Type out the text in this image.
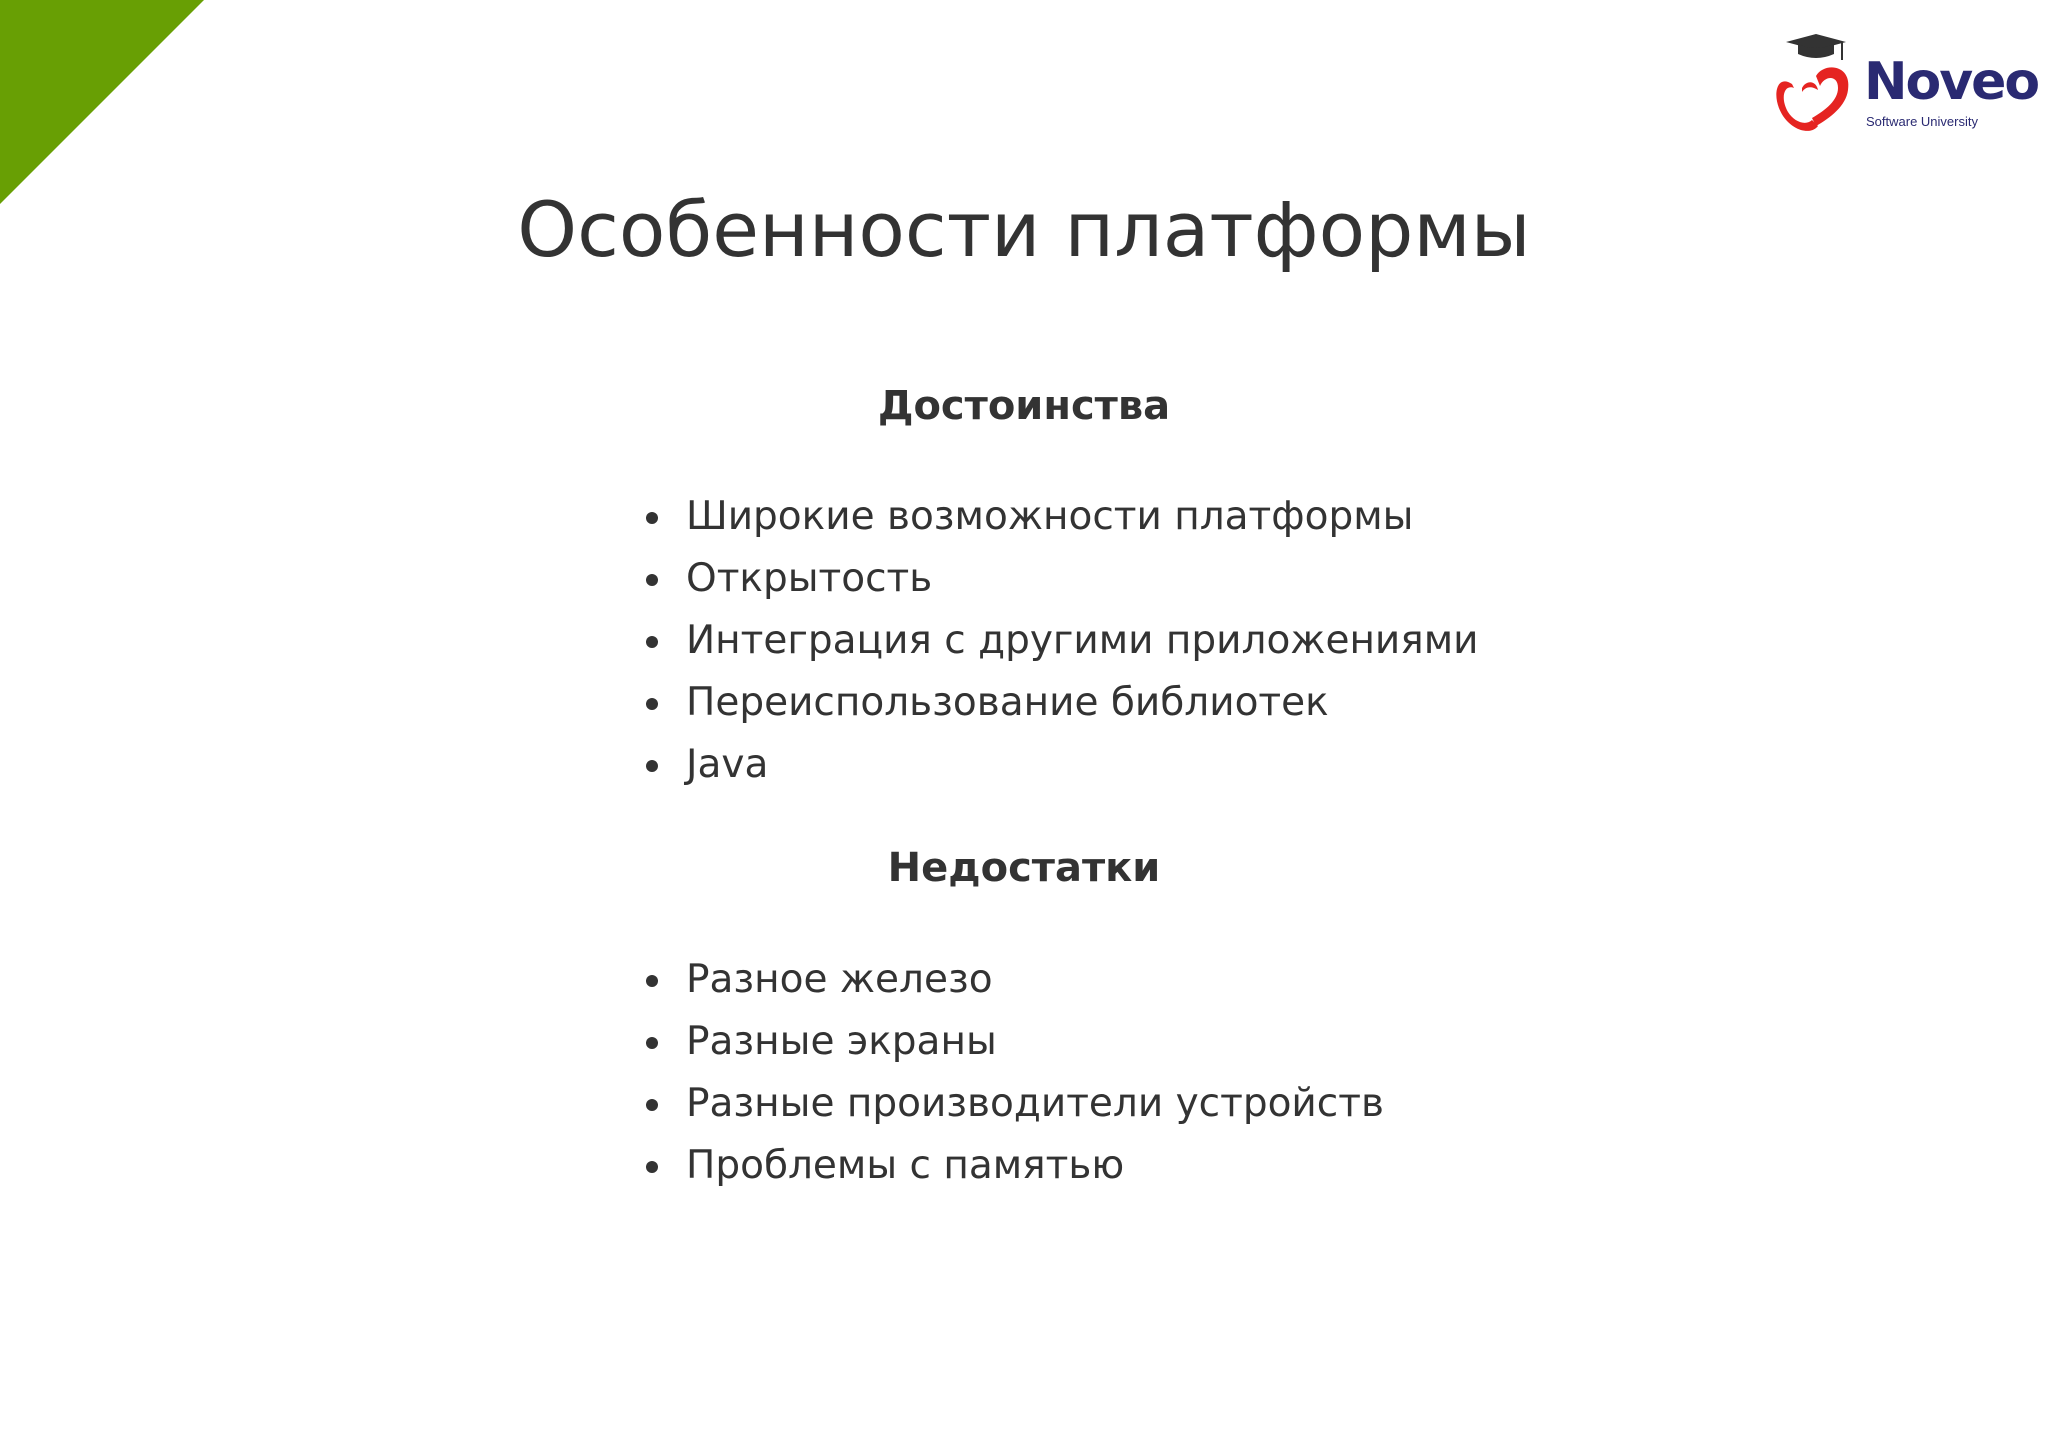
Noveo
Software University
Особенности платформы
Достоинства
Широкие возможности платформы
Открытость
Интеграция с другими приложениями
Переиспользование библиотек
Java
Недостатки
Разное железо
Разные экраны
Разные производители устройств
Проблемы с памятью
